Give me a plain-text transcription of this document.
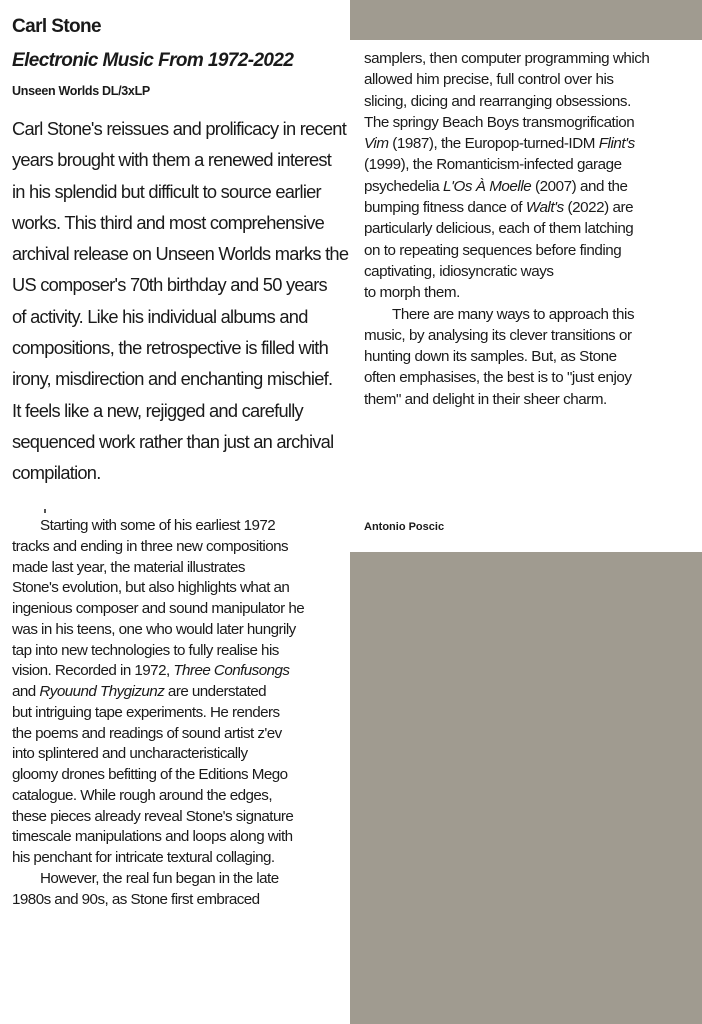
Carl Stone
Electronic Music From 1972-2022
Unseen Worlds DL/3xLP

Carl Stone's reissues and prolificacy in recent
years brought with them a renewed interest
in his splendid but difficult to source earlier
works. This third and most comprehensive
archival release on Unseen Worlds marks the
US composer's 70th birthday and 50 years
of activity. Like his individual albums and
compositions, the retrospective is filled with
irony, misdirection and enchanting mischief.
It feels like a new, rejigged and carefully
sequenced work rather than just an archival
compilation.

Starting with some of his earliest 1972
tracks and ending in three new compositions
made last year, the material illustrates
Stone's evolution, but also highlights what an
ingenious composer and sound manipulator he
was in his teens, one who would later hungrily
tap into new technologies to fully realise his
vision. Recorded in 1972, Three Confusongs
and Ryouund Thygizunz are understated
but intriguing tape experiments. He renders
the poems and readings of sound artist z'ev
into splintered and uncharacteristically
gloomy drones befitting of the Editions Mego
catalogue. While rough around the edges,
these pieces already reveal Stone's signature
timescale manipulations and loops along with
his penchant for intricate textural collaging.
However, the real fun began in the late
1980s and 90s, as Stone first embraced

samplers, then computer programming which
allowed him precise, full control over his
slicing, dicing and rearranging obsessions.
The springy Beach Boys transmogrification
Vim (1987), the Europop-turned-IDM Flint's
(1999), the Romanticism-infected garage
psychedelia L'Os À Moelle (2007) and the
bumping fitness dance of Walt's (2022) are
particularly delicious, each of them latching
on to repeating sequences before finding
captivating, idiosyncratic ways
to morph them.
There are many ways to approach this
music, by analysing its clever transitions or
hunting down its samples. But, as Stone
often emphasises, the best is to "just enjoy
them" and delight in their sheer charm.

Antonio Poscic
